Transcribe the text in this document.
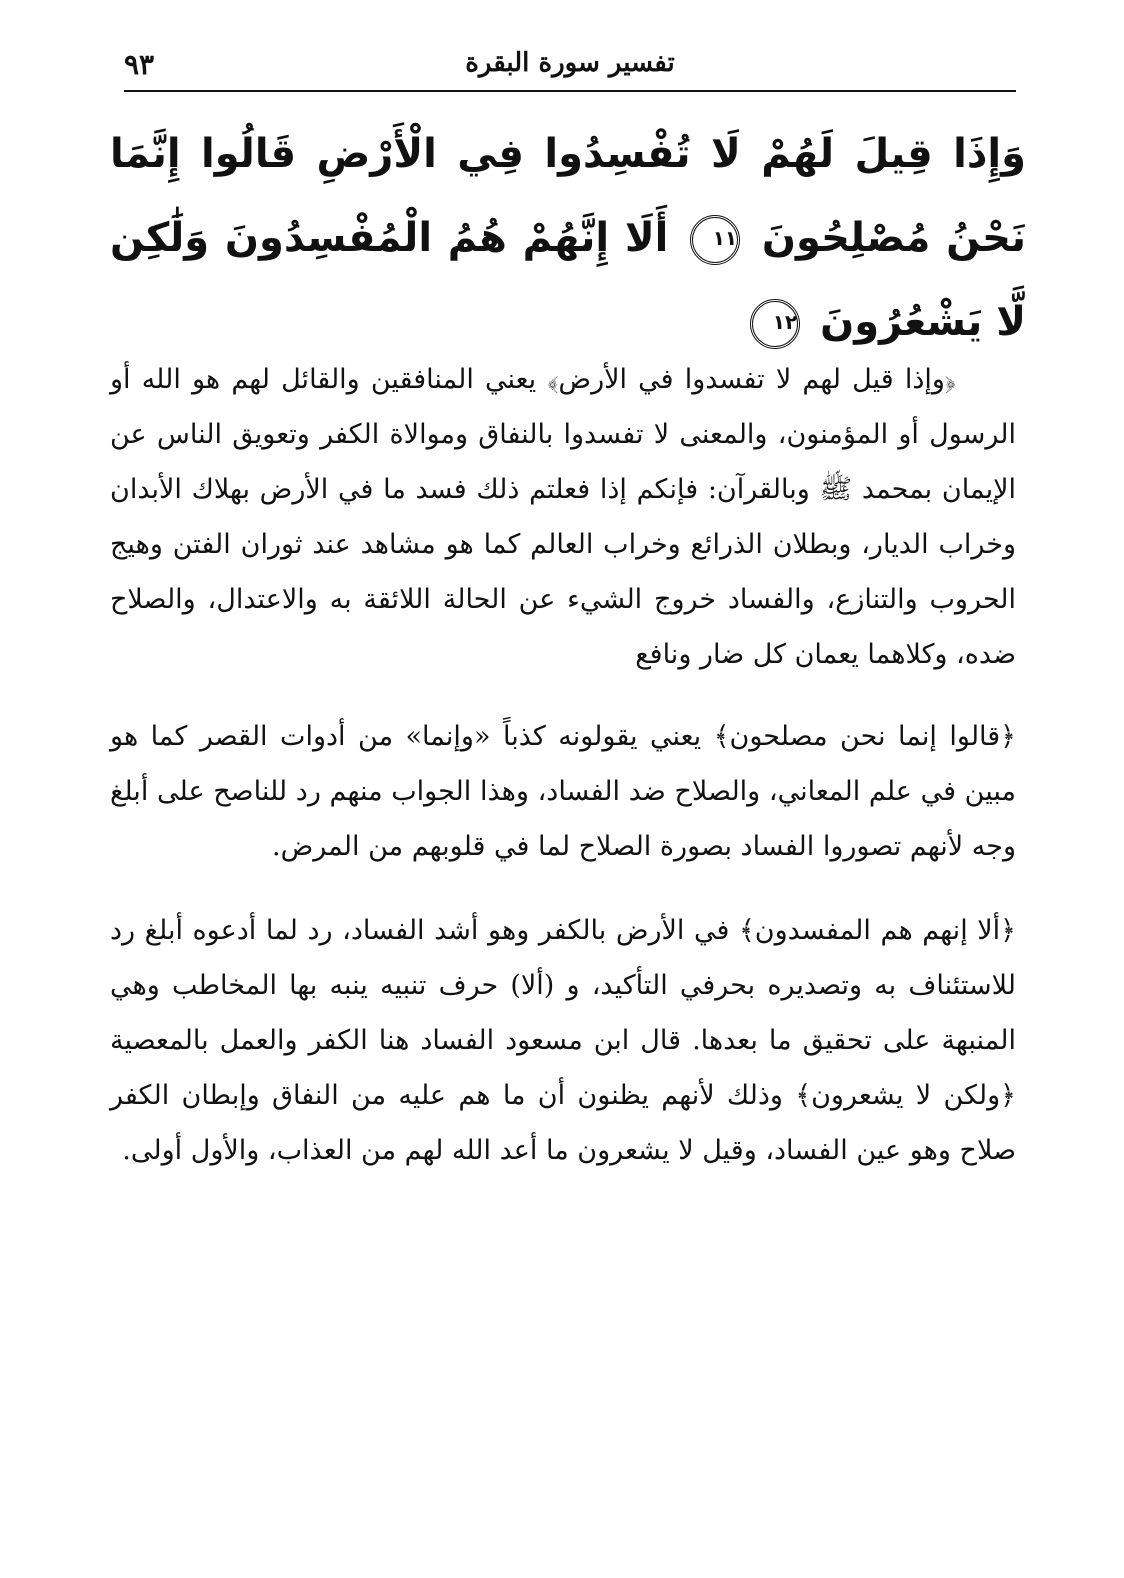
٩٣	تفسير سورة البقرة
وَإِذَا قِيلَ لَهُمْ لَا تُفْسِدُوا فِي الْأَرْضِ قَالُوا إِنَّمَا نَحْنُ مُصْلِحُونَ ١١ أَلَا إِنَّهُمْ هُمُ الْمُفْسِدُونَ وَلَٰكِن لَّا يَشْعُرُونَ ١٢

﴿وإذا قيل لهم لا تفسدوا في الأرض﴾ يعني المنافقين والقائل لهم هو الله أو الرسول أو المؤمنون، والمعنى لا تفسدوا بالنفاق وموالاة الكفر وتعويق الناس عن الإيمان بمحمد ﷺ وبالقرآن: فإنكم إذا فعلتم ذلك فسد ما في الأرض بهلاك الأبدان وخراب الديار، وبطلان الذرائع وخراب العالم كما هو مشاهد عند ثوران الفتن وهيج الحروب والتنازع، والفساد خروج الشيء عن الحالة اللائقة به والاعتدال، والصلاح ضده، وكلاهما يعمان كل ضار ونافع

﴿قالوا إنما نحن مصلحون﴾ يعني يقولونه كذباً «وإنما» من أدوات القصر كما هو مبين في علم المعاني، والصلاح ضد الفساد، وهذا الجواب منهم رد للناصح على أبلغ وجه لأنهم تصوروا الفساد بصورة الصلاح لما في قلوبهم من المرض.

﴿ألا إنهم هم المفسدون﴾ في الأرض بالكفر وهو أشد الفساد، رد لما أدعوه أبلغ رد للاستئناف به وتصديره بحرفي التأكيد، و (ألا) حرف تنبيه ينبه بها المخاطب وهي المنبهة على تحقيق ما بعدها. قال ابن مسعود الفساد هنا الكفر والعمل بالمعصية ﴿ولكن لا يشعرون﴾ وذلك لأنهم يظنون أن ما هم عليه من النفاق وإبطان الكفر صلاح وهو عين الفساد، وقيل لا يشعرون ما أعد الله لهم من العذاب، والأول أولى.
